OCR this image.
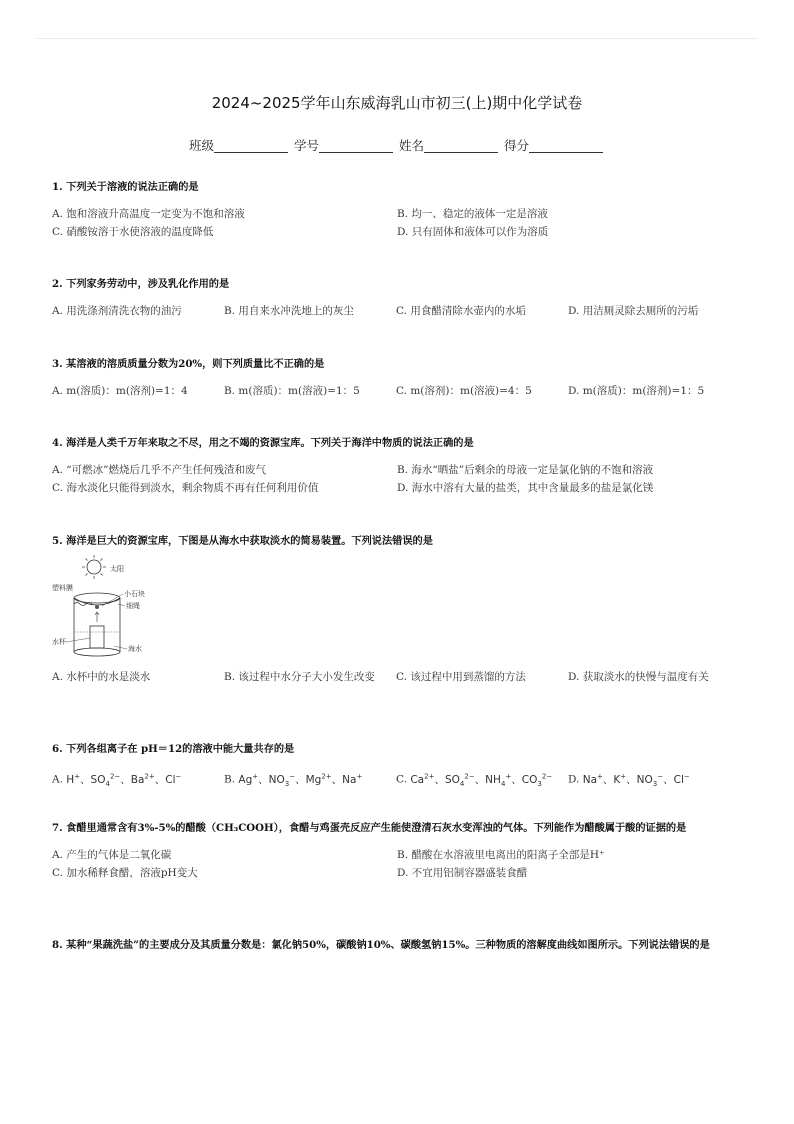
2024~2025学年山东威海乳山市初三(上)期中化学试卷
班级	学号	姓名	得分
1. 下列关于溶液的说法正确的是
A. 饱和溶液升高温度一定变为不饱和溶液	B. 均一、稳定的液体一定是溶液
C. 硝酸铵溶于水使溶液的温度降低	D. 只有固体和液体可以作为溶质
2. 下列家务劳动中，涉及乳化作用的是
A. 用洗涤剂清洗衣物的油污	B. 用自来水冲洗地上的灰尘	C. 用食醋清除水壶内的水垢	D. 用洁厕灵除去厕所的污垢
3. 某溶液的溶质质量分数为20%，则下列质量比不正确的是
A. m(溶质)：m(溶剂)=1：4	B. m(溶质)：m(溶液)=1：5	C. m(溶剂)：m(溶液)=4：5	D. m(溶质)：m(溶剂)=1：5
4. 海洋是人类千万年来取之不尽，用之不竭的资源宝库。下列关于海洋中物质的说法正确的是
A. “可燃冰”燃烧后几乎不产生任何残渣和废气	B. 海水“晒盐”后剩余的母液一定是氯化钠的不饱和溶液
C. 海水淡化只能得到淡水，剩余物质不再有任何利用价值	D. 海水中溶有大量的盐类，其中含量最多的盐是氯化镁
5. 海洋是巨大的资源宝库，下图是从海水中获取淡水的简易装置。下列说法错误的是
太阳
塑料膜
小石块
细绳
水杯
海水
A. 水杯中的水是淡水	B. 该过程中水分子大小发生改变	C. 该过程中用到蒸馏的方法	D. 获取淡水的快慢与温度有关
6. 下列各组离子在 pH＝12的溶液中能大量共存的是
A. H+、$SO_4^{2-}$、$Ba^{2+}$、Cl−	B. Ag+、$NO_3^-$、$Mg^{2+}$、Na+	C. $Ca^{2+}$、$SO_4^{2-}$、$NH_4^+$、$CO_3^{2-}$	D. Na+、K+、$NO_3^-$、Cl−
7. 食醋里通常含有3%-5%的醋酸（CH₃COOH），食醋与鸡蛋壳反应产生能使澄清石灰水变浑浊的气体。下列能作为醋酸属于酸的证据的是
A. 产生的气体是二氧化碳	B. 醋酸在水溶液里电离出的阳离子全部是H⁺
C. 加水稀释食醋，溶液pH变大	D. 不宜用铝制容器盛装食醋
8. 某种“果蔬洗盐”的主要成分及其质量分数是：氯化钠50%，碳酸钠10%、碳酸氢钠15%。三种物质的溶解度曲线如图所示。下列说法错误的是
